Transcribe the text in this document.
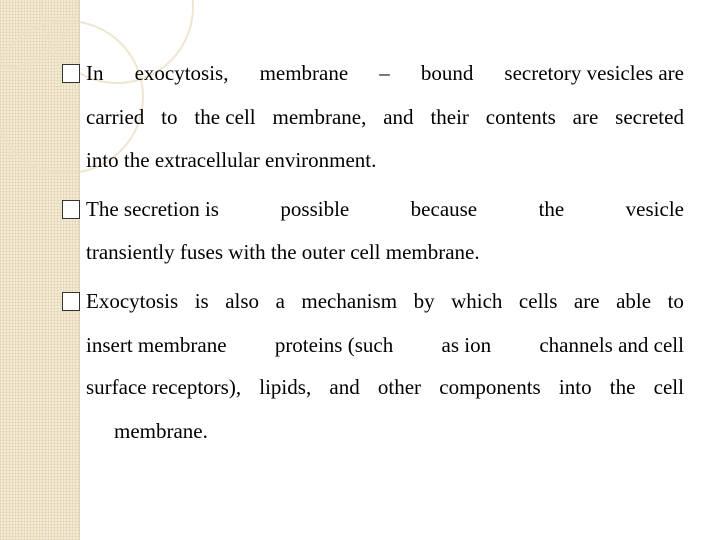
In exocytosis, membrane – bound secretory vesicles are
carried to the cell membrane, and their contents are secreted
into the extracellular environment.
The secretion is	possible	because	the	vesicle
transiently fuses with the outer cell membrane.
Exocytosis is also a mechanism by which cells are able to
insert membrane proteins (such as ion channels and cell
surface receptors), lipids, and other components into the cell
membrane.
